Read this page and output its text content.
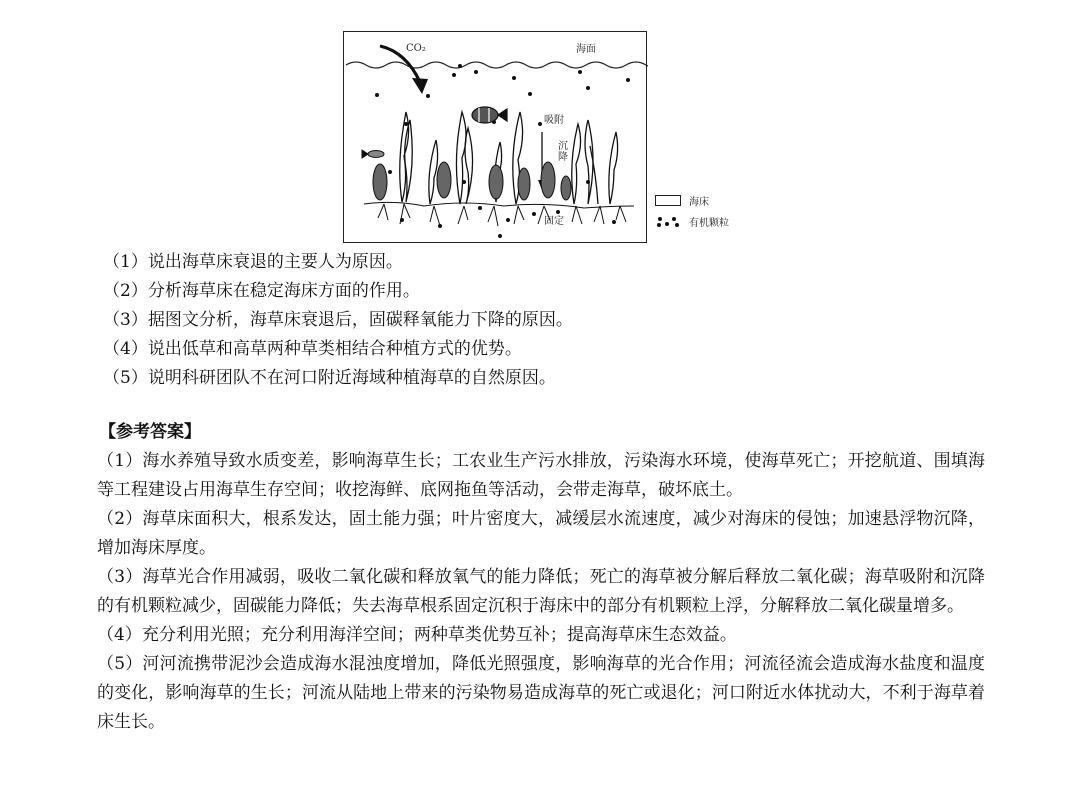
CO₂	海面
吸附
沉降
固定
海床
有机颗粒
（1）说出海草床衰退的主要人为原因。
（2）分析海草床在稳定海床方面的作用。
（3）据图文分析，海草床衰退后，固碳释氧能力下降的原因。
（4）说出低草和高草两种草类相结合种植方式的优势。
（5）说明科研团队不在河口附近海域种植海草的自然原因。
【参考答案】
（1）海水养殖导致水质变差，影响海草生长；工农业生产污水排放，污染海水环境，使海草死亡；开挖航道、围填海等工程建设占用海草生存空间；收挖海鲜、底网拖鱼等活动，会带走海草，破坏底土。
（2）海草床面积大，根系发达，固土能力强；叶片密度大，减缓层水流速度，减少对海床的侵蚀；加速悬浮物沉降，增加海床厚度。
（3）海草光合作用减弱，吸收二氧化碳和释放氧气的能力降低；死亡的海草被分解后释放二氧化碳；海草吸附和沉降的有机颗粒减少，固碳能力降低；失去海草根系固定沉积于海床中的部分有机颗粒上浮，分解释放二氧化碳量增多。
（4）充分利用光照；充分利用海洋空间；两种草类优势互补；提高海草床生态效益。
（5）河河流携带泥沙会造成海水混浊度增加，降低光照强度，影响海草的光合作用；河流径流会造成海水盐度和温度的变化，影响海草的生长；河流从陆地上带来的污染物易造成海草的死亡或退化；河口附近水体扰动大，不利于海草着床生长。
